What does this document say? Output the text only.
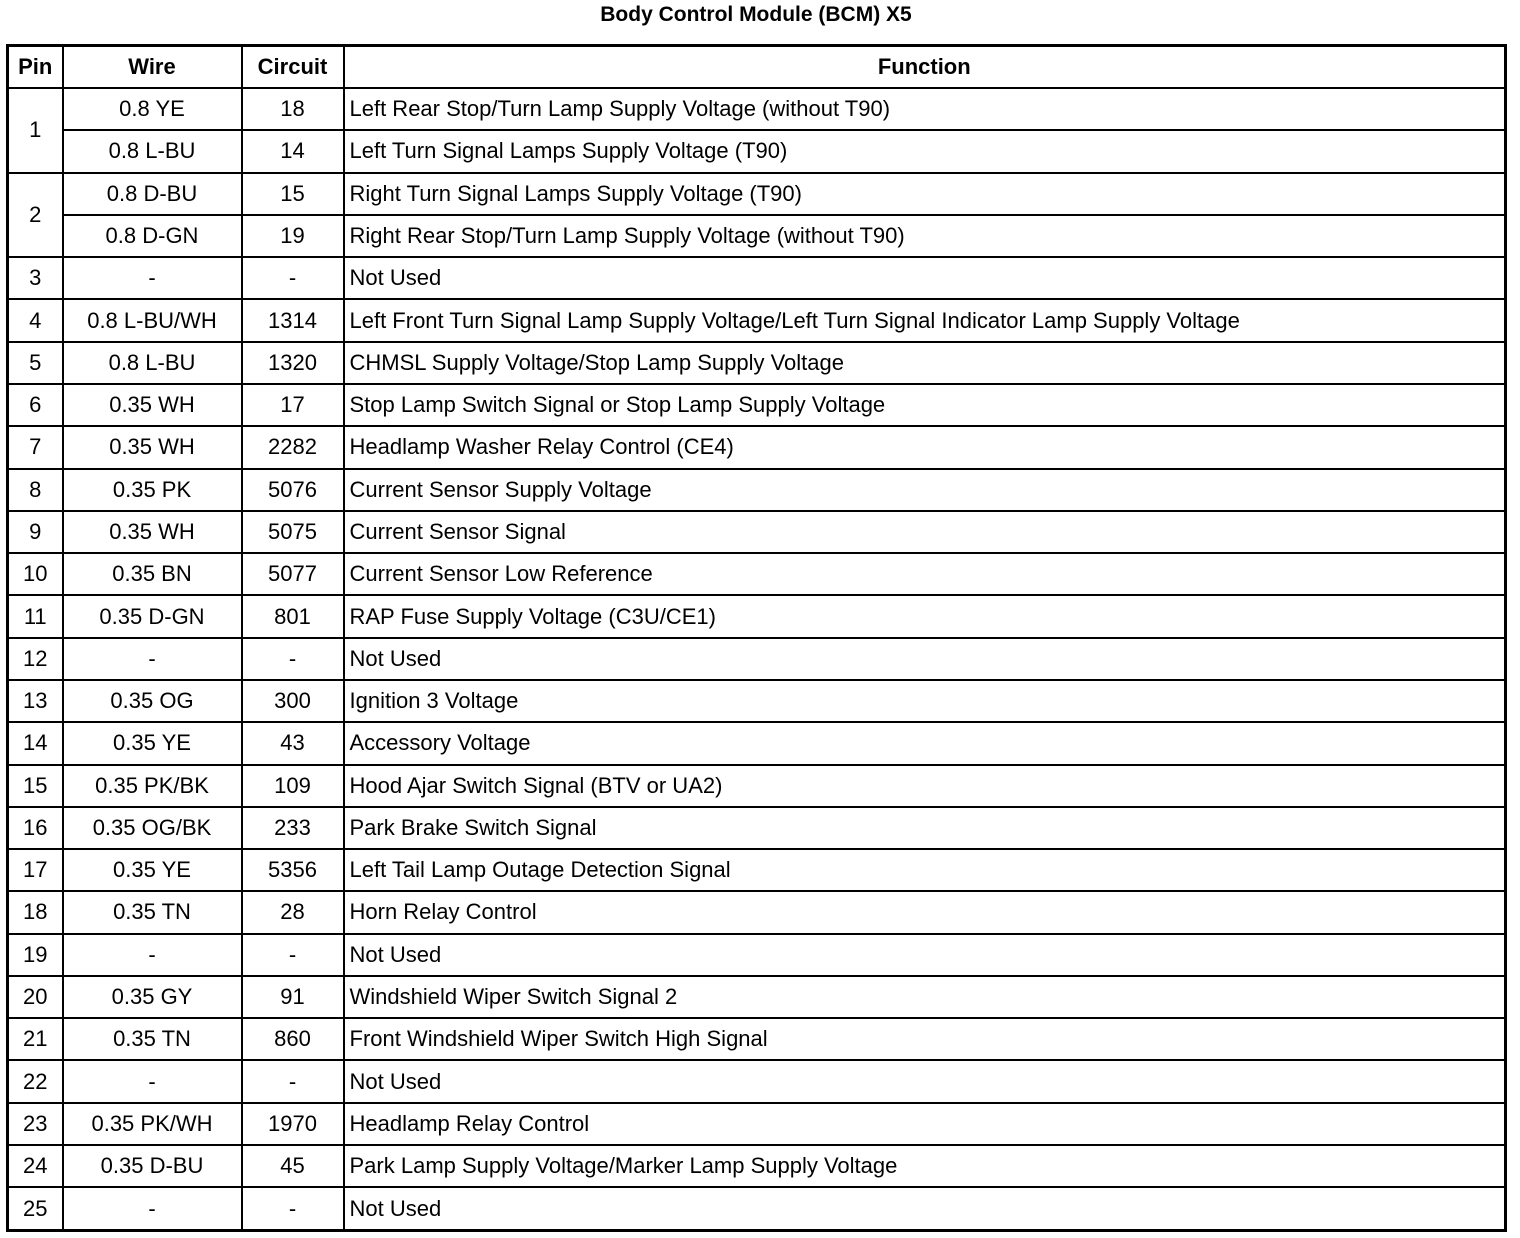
Body Control Module (BCM) X5
Pin	Wire	Circuit	Function
1	0.8 YE	18	Left Rear Stop/Turn Lamp Supply Voltage (without T90)
	0.8 L-BU	14	Left Turn Signal Lamps Supply Voltage (T90)
2	0.8 D-BU	15	Right Turn Signal Lamps Supply Voltage (T90)
	0.8 D-GN	19	Right Rear Stop/Turn Lamp Supply Voltage (without T90)
3	-	-	Not Used
4	0.8 L-BU/WH	1314	Left Front Turn Signal Lamp Supply Voltage/Left Turn Signal Indicator Lamp Supply Voltage
5	0.8 L-BU	1320	CHMSL Supply Voltage/Stop Lamp Supply Voltage
6	0.35 WH	17	Stop Lamp Switch Signal or Stop Lamp Supply Voltage
7	0.35 WH	2282	Headlamp Washer Relay Control (CE4)
8	0.35 PK	5076	Current Sensor Supply Voltage
9	0.35 WH	5075	Current Sensor Signal
10	0.35 BN	5077	Current Sensor Low Reference
11	0.35 D-GN	801	RAP Fuse Supply Voltage (C3U/CE1)
12	-	-	Not Used
13	0.35 OG	300	Ignition 3 Voltage
14	0.35 YE	43	Accessory Voltage
15	0.35 PK/BK	109	Hood Ajar Switch Signal (BTV or UA2)
16	0.35 OG/BK	233	Park Brake Switch Signal
17	0.35 YE	5356	Left Tail Lamp Outage Detection Signal
18	0.35 TN	28	Horn Relay Control
19	-	-	Not Used
20	0.35 GY	91	Windshield Wiper Switch Signal 2
21	0.35 TN	860	Front Windshield Wiper Switch High Signal
22	-	-	Not Used
23	0.35 PK/WH	1970	Headlamp Relay Control
24	0.35 D-BU	45	Park Lamp Supply Voltage/Marker Lamp Supply Voltage
25	-	-	Not Used
